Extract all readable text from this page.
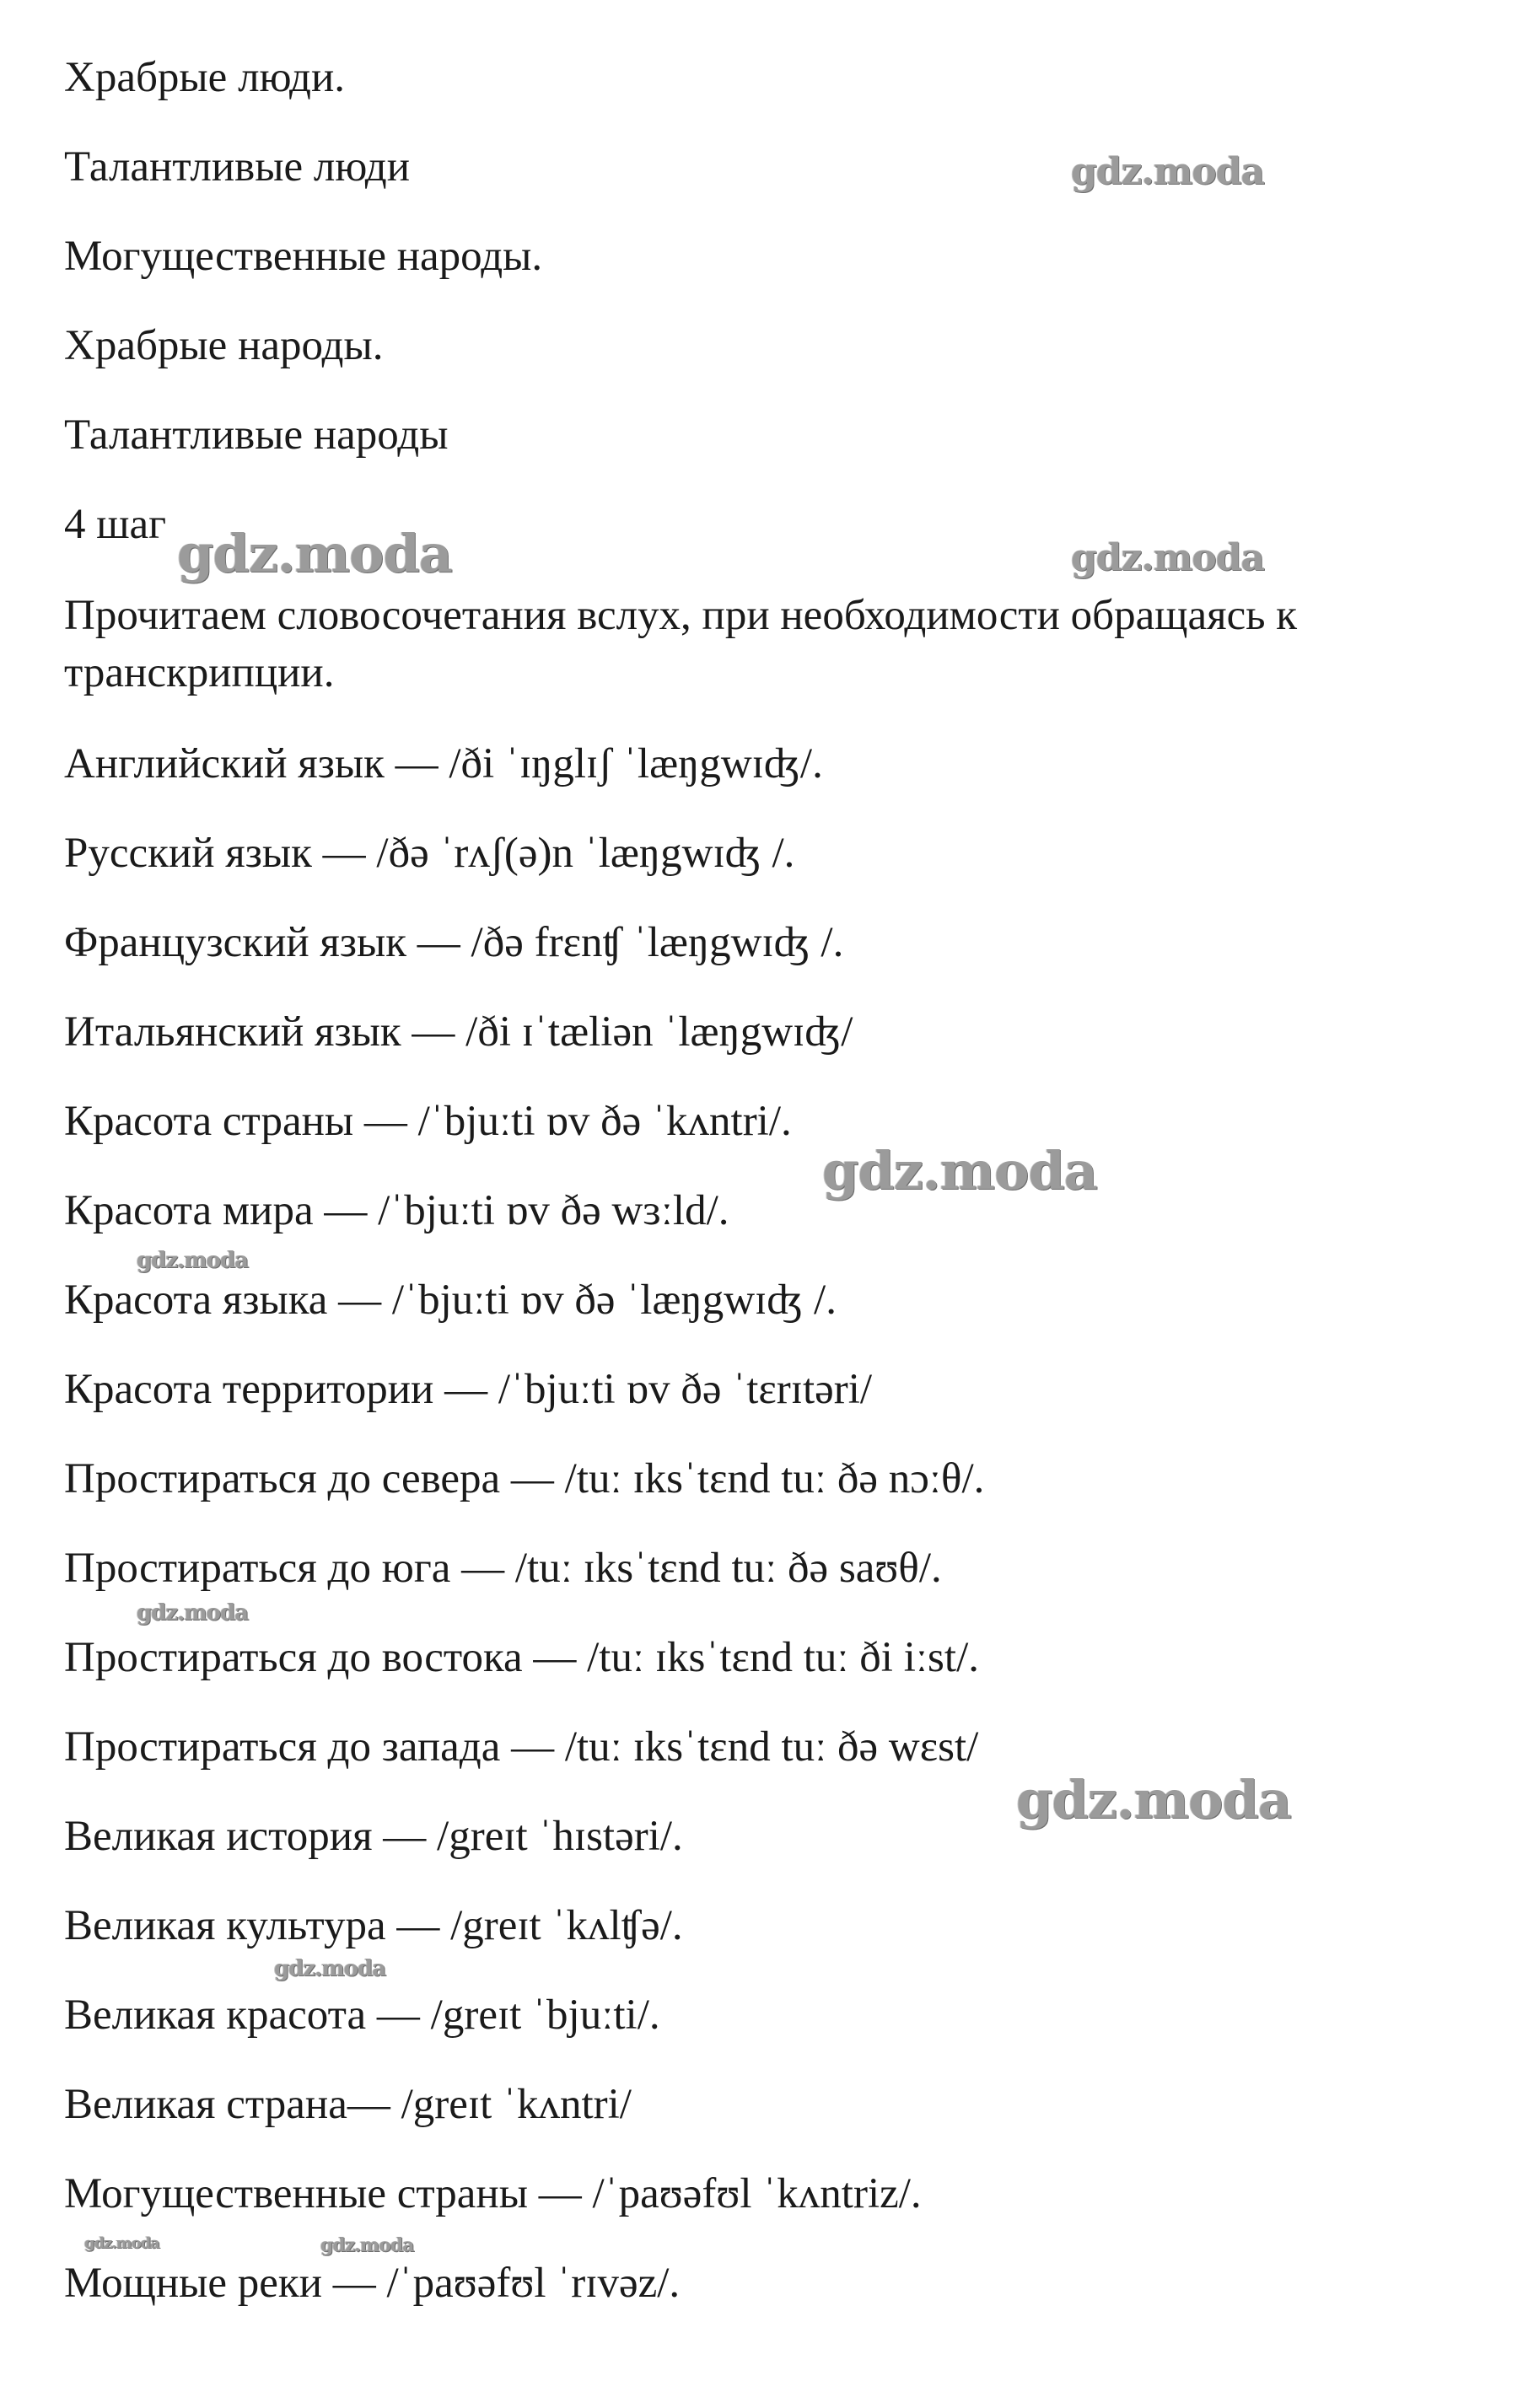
Храбрые люди.
Талантливые люди
Могущественные народы.
Храбрые народы.
Талантливые народы
4 шаг
Прочитаем словосочетания вслух, при необходимости обращаясь к транскрипции.
Английский язык — /ði ˈɪŋglɪʃ ˈlæŋgwɪʤ/.
Русский язык — /ðə ˈrʌʃ(ə)n ˈlæŋgwɪʤ /.
Французский язык — /ðə frɛnʧ ˈlæŋgwɪʤ /.
Итальянский язык — /ði ɪˈtæliən ˈlæŋgwɪʤ/
Красота страны — /ˈbjuːti ɒv ðə ˈkʌntri/.
Красота мира — /ˈbjuːti ɒv ðə wɜːld/.
Красота языка — /ˈbjuːti ɒv ðə ˈlæŋgwɪʤ /.
Красота территории — /ˈbjuːti ɒv ðə ˈtɛrɪtəri/
Простираться до севера — /tuː ɪksˈtɛnd tuː ðə nɔːθ/.
Простираться до юга — /tuː ɪksˈtɛnd tuː ðə saʊθ/.
Простираться до востока — /tuː ɪksˈtɛnd tuː ði iːst/.
Простираться до запада — /tuː ɪksˈtɛnd tuː ðə wɛst/
Великая история — /greɪt ˈhɪstəri/.
Великая культура — /greɪt ˈkʌlʧə/.
Великая красота — /greɪt ˈbjuːti/.
Великая страна— /greɪt ˈkʌntri/
Могущественные страны — /ˈpaʊəfʊl ˈkʌntriz/.
Мощные реки — /ˈpaʊəfʊl ˈrɪvəz/.
gdz.moda
gdz.moda	gdz.moda
gdz.moda
gdz.moda
gdz.moda
gdz.moda
gdz.moda
gdz.moda	gdz.moda
